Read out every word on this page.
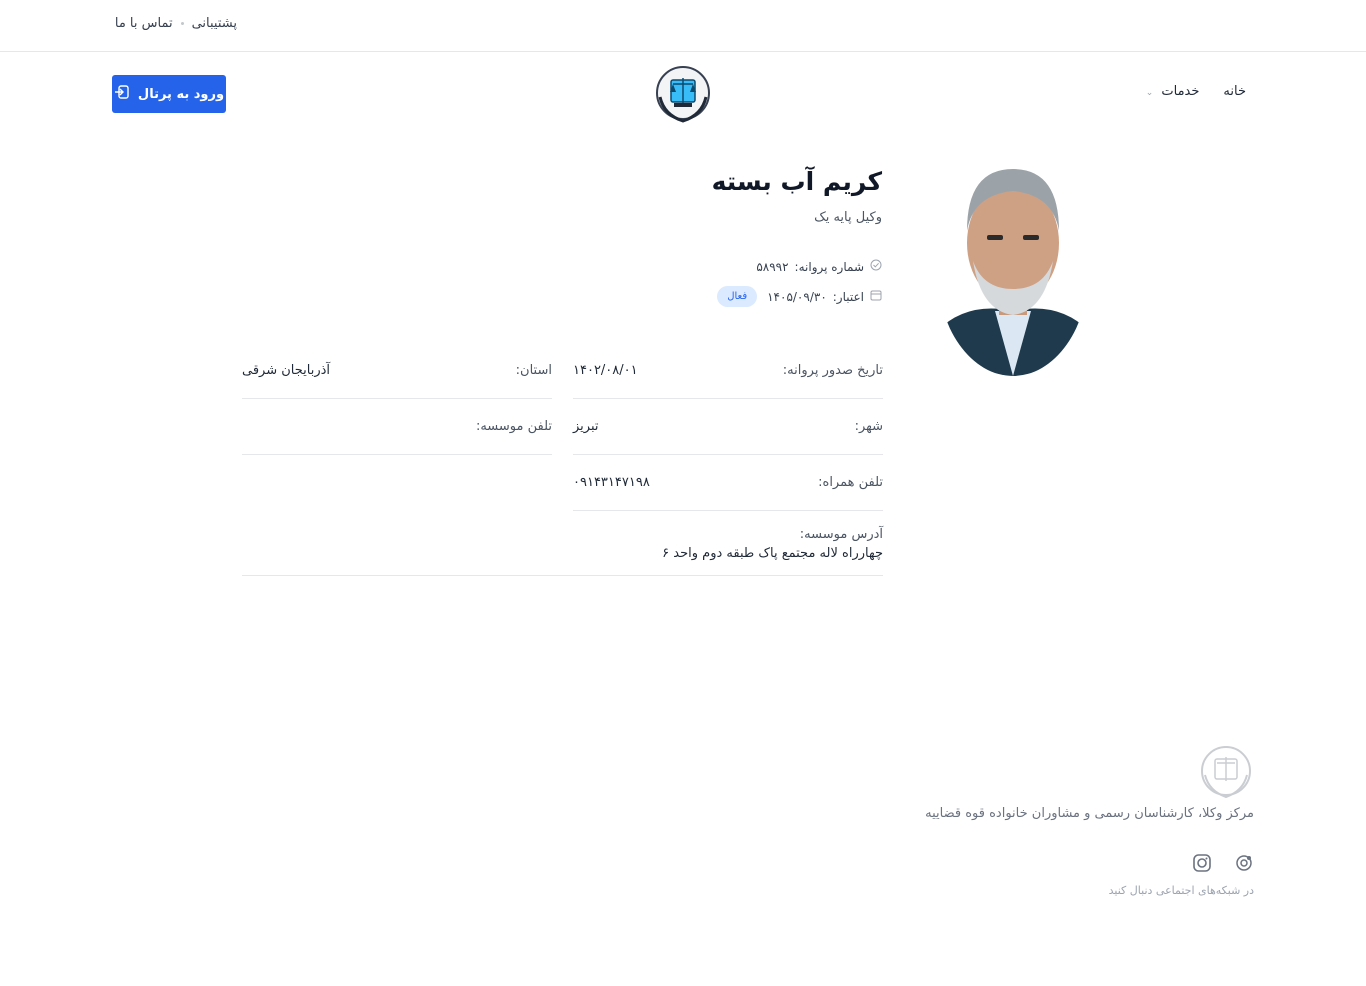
پشتیبانی
تماس با ما
خانه
خدمات ⌄
ورود به پرتال
کریم آب بسته
وکیل پایه یک
شماره پروانه:
۵۸۹۹۲
اعتبار:
۱۴۰۵/۰۹/۳۰
فعال
تاریخ صدور پروانه:
۱۴۰۲/۰۸/۰۱
استان:
آذربایجان شرقی
شهر:
تبریز
تلفن موسسه:
تلفن همراه:
۰۹۱۴۳۱۴۷۱۹۸
آدرس موسسه:
چهارراه لاله مجتمع پاک طبقه دوم واحد ۶
مرکز وکلا، کارشناسان رسمی و مشاوران خانواده قوه قضاییه
در شبکه‌های اجتماعی دنبال کنید
